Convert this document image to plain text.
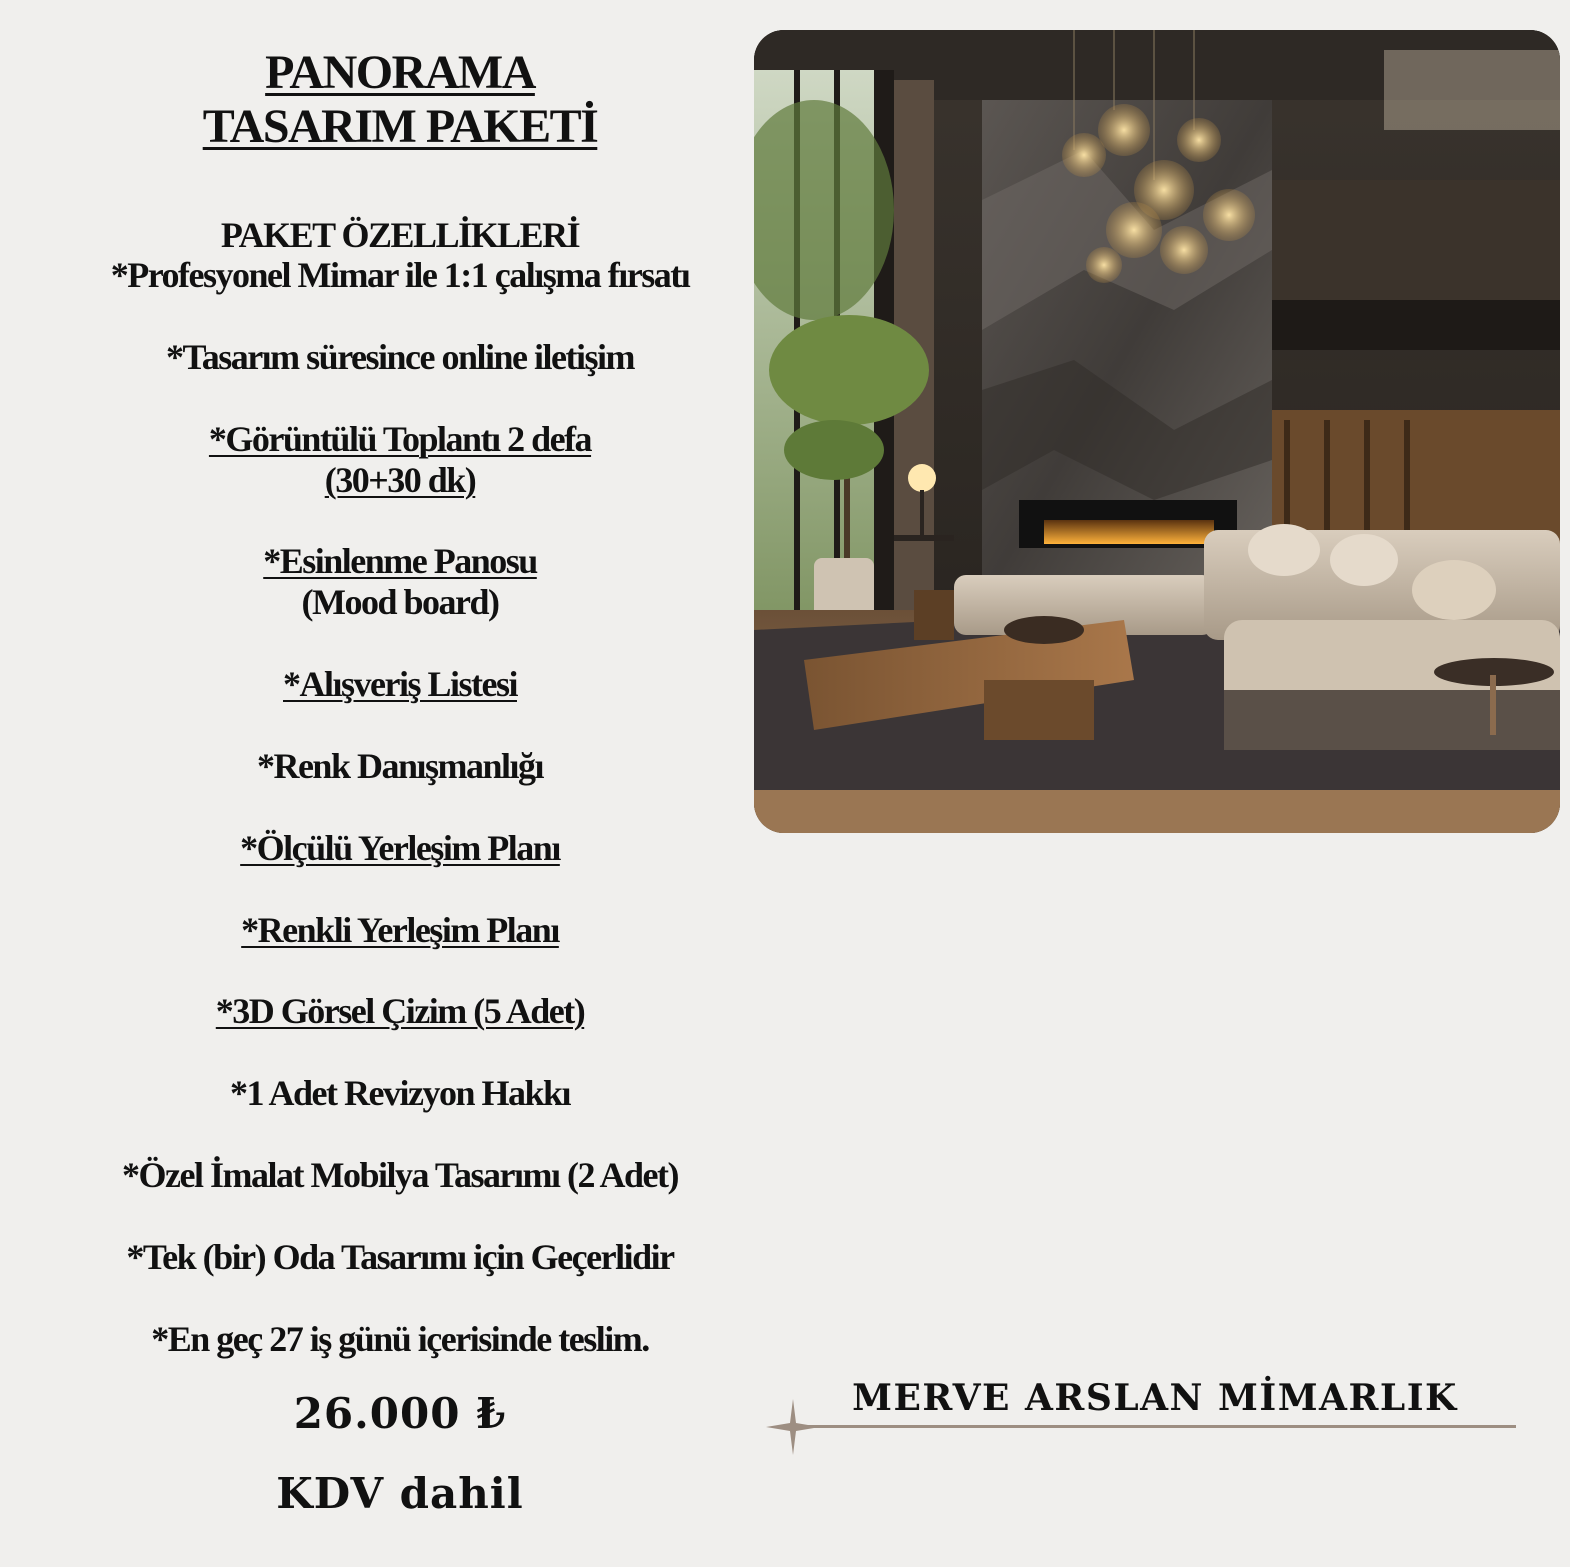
PANORAMA

TASARIM PAKETİ

PAKET ÖZELLİKLERİ

*Profesyonel Mimar ile 1:1 çalışma fırsatı

*Tasarım süresince online iletişim

*Görüntülü Toplantı 2 defa

(30+30 dk)

*Esinlenme Panosu

(Mood board)

*Alışveriş Listesi

*Renk Danışmanlığı

*Ölçülü Yerleşim Planı

*Renkli Yerleşim Planı

*3D Görsel Çizim (5 Adet)

*1 Adet Revizyon Hakkı

*Özel İmalat Mobilya Tasarımı (2 Adet)

*Tek (bir) Oda Tasarımı için Geçerlidir

*En geç 27 iş günü içerisinde teslim.

26.000 ₺

KDV dahil

MERVE ARSLAN MİMARLIK
